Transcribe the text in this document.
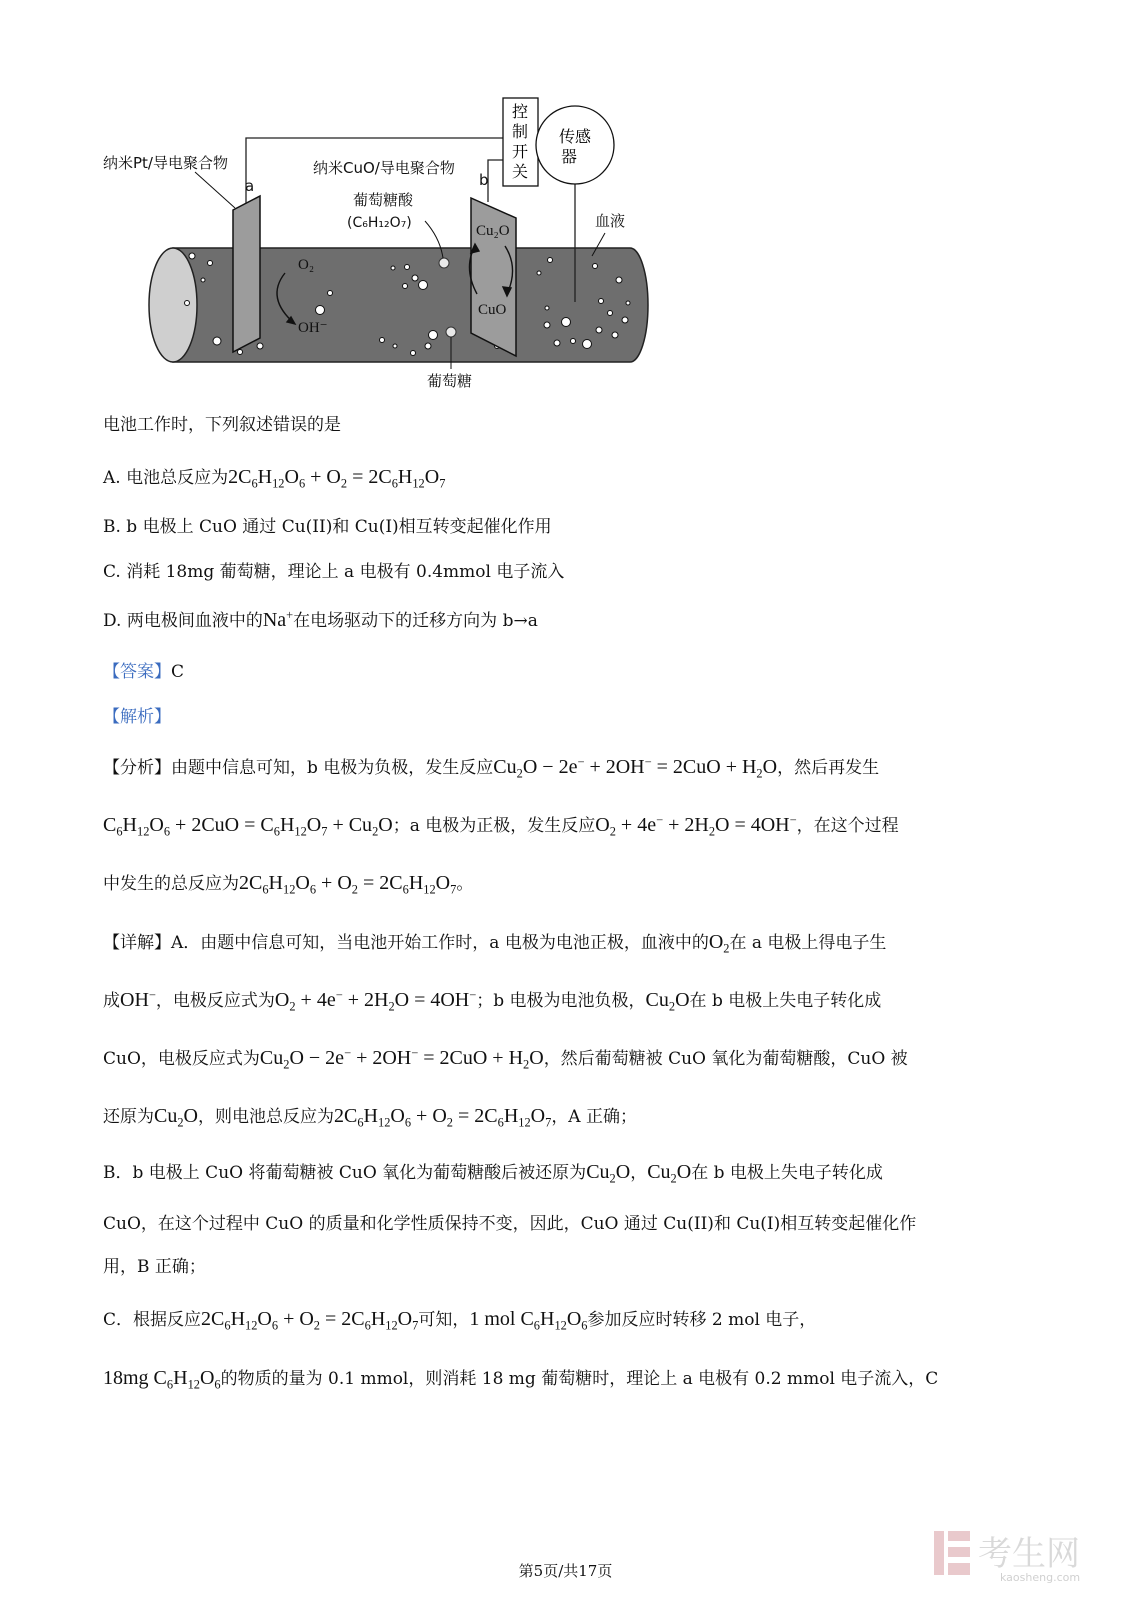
控
制
开
关
传感
器
纳米Pt/导电聚合物
a
纳米CuO/导电聚合物
b
葡萄糖酸
(C₆H₁₂O₇)	血液
葡萄糖
O₂
OH⁻
Cu₂O
CuO
电池工作时，下列叙述错误的是
A. 电池总反应为$2C_6H_{12}O_6 + O_2 = 2C_6H_{12}O_7$
B. b 电极上 CuO 通过 Cu(II)和 Cu(I)相互转变起催化作用
C. 消耗 18mg 葡萄糖，理论上 a 电极有 0.4mmol 电子流入
D. 两电极间血液中的Na+在电场驱动下的迁移方向为 b→a
【答案】C
【解析】
【分析】由题中信息可知，b 电极为负极，发生反应$Cu_2O - 2e^- + 2OH^- = 2CuO + H_2O$，然后再发生
$C_6H_{12}O_6 + 2CuO = C_6H_{12}O_7 + Cu_2O$；a 电极为正极，发生反应$O_2 + 4e^- + 2H_2O = 4OH^-$，在这个过程
中发生的总反应为$2C_6H_{12}O_6 + O_2 = 2C_6H_{12}O_7$。
【详解】A．由题中信息可知，当电池开始工作时，a 电极为电池正极，血液中的$O_2$在 a 电极上得电子生
成OH−，电极反应式为$O_2 + 4e^- + 2H_2O = 4OH^-$；b 电极为电池负极，$Cu_2O$在 b 电极上失电子转化成
CuO，电极反应式为$Cu_2O - 2e^- + 2OH^- = 2CuO + H_2O$，然后葡萄糖被 CuO 氧化为葡萄糖酸，CuO 被
还原为$Cu_2O$，则电池总反应为$2C_6H_{12}O_6 + O_2 = 2C_6H_{12}O_7$，A 正确；
B．b 电极上 CuO 将葡萄糖被 CuO 氧化为葡萄糖酸后被还原为$Cu_2O$，$Cu_2O$在 b 电极上失电子转化成
CuO，在这个过程中 CuO 的质量和化学性质保持不变，因此，CuO 通过 Cu(II)和 Cu(I)相互转变起催化作
用，B 正确；
C．根据反应$2C_6H_{12}O_6 + O_2 = 2C_6H_{12}O_7$可知，1 mol $C_6H_{12}O_6$参加反应时转移 2 mol 电子，
18mg $C_6H_{12}O_6$的物质的量为 0.1 mmol，则消耗 18 mg 葡萄糖时，理论上 a 电极有 0.2 mmol 电子流入，C
第5页/共17页	考生网
kaosheng.com
